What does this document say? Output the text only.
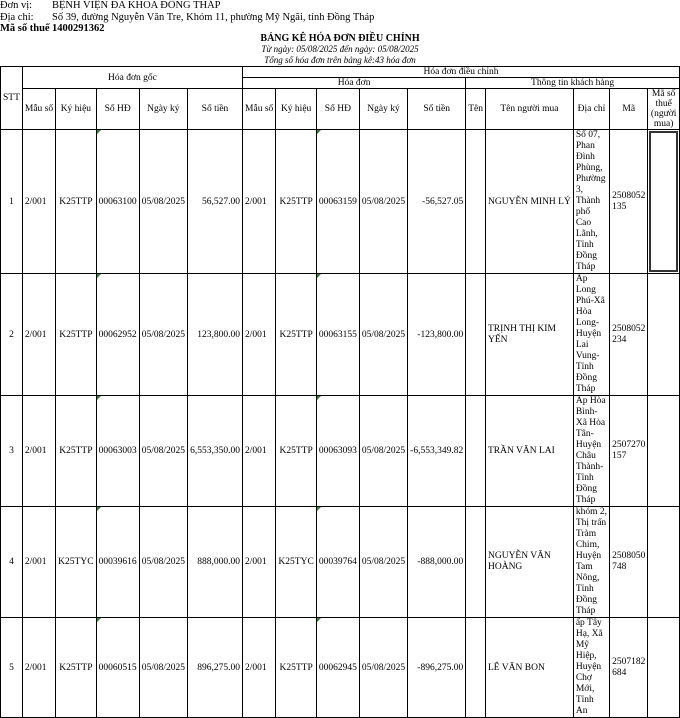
Đơn vị: BỆNH VIỆN ĐA KHOA ĐỒNG THÁP
Địa chỉ: Số 39, đường Nguyễn Văn Tre, Khóm 11, phường Mỹ Ngãi, tỉnh Đồng Tháp
Mã số thuế 1400291362
BẢNG KÊ HÓA ĐƠN ĐIỀU CHỈNH
Từ ngày: 05/08/2025 đến ngày: 05/08/2025
Tổng số hóa đơn trên bảng kê:43 hóa đơn
STT	Hóa đơn gốc					Hóa đơn điều chỉnh									
						Hóa đơn					Thông tin khách hàng				
	Mẫu số	Ký hiệu	Số HĐ	Ngày ký	Số tiền	Mẫu số	Ký hiệu	Số HĐ	Ngày ký	Số tiền	Tên	Tên người mua	Địa chỉ	Mã	Mã số thuế (người mua)
1	2/001	K25TTP	00063100	05/08/2025	56,527.00	2/001	K25TTP	00063159	05/08/2025	-56,527.05		NGUYỄN MINH LÝ	Số 07, Phan Đình Phùng, Phường 3, Thành phố Cao Lãnh, Tỉnh Đồng Tháp	2508052 135	

2	2/001	K25TTP	00062952	05/08/2025	123,800.00	2/001	K25TTP	00063155	05/08/2025	-123,800.00		TRỊNH THỊ KIM YẾN	Ấp Long Phú-Xã Hòa Long-Huyện Lai Vung-Tỉnh Đồng Tháp	2508052 234	
3	2/001	K25TTP	00063003	05/08/2025	6,553,350.00	2/001	K25TTP	00063093	05/08/2025	-6,553,349.82		TRẦN VĂN LAI	Ấp Hòa Bình-Xã Hòa Tân-Huyện Châu Thành-Tỉnh Đồng Tháp	2507270 157	
4	2/001	K25TYC	00039616	05/08/2025	888,000.00	2/001	K25TYC	00039764	05/08/2025	-888,000.00		NGUYỄN VĂN HOÀNG	khóm 2, Thị trấn Tràm Chim, Huyện Tam Nông, Tỉnh Đồng Tháp	2508050 748	
5	2/001	K25TTP	00060515	05/08/2025	896,275.00	2/001	K25TTP	00062945	05/08/2025	-896,275.00		LÊ VĂN BON	ấp Tây Hạ, Xã Mỹ Hiệp, Huyện Chợ Mới, Tỉnh An	2507182 684	
